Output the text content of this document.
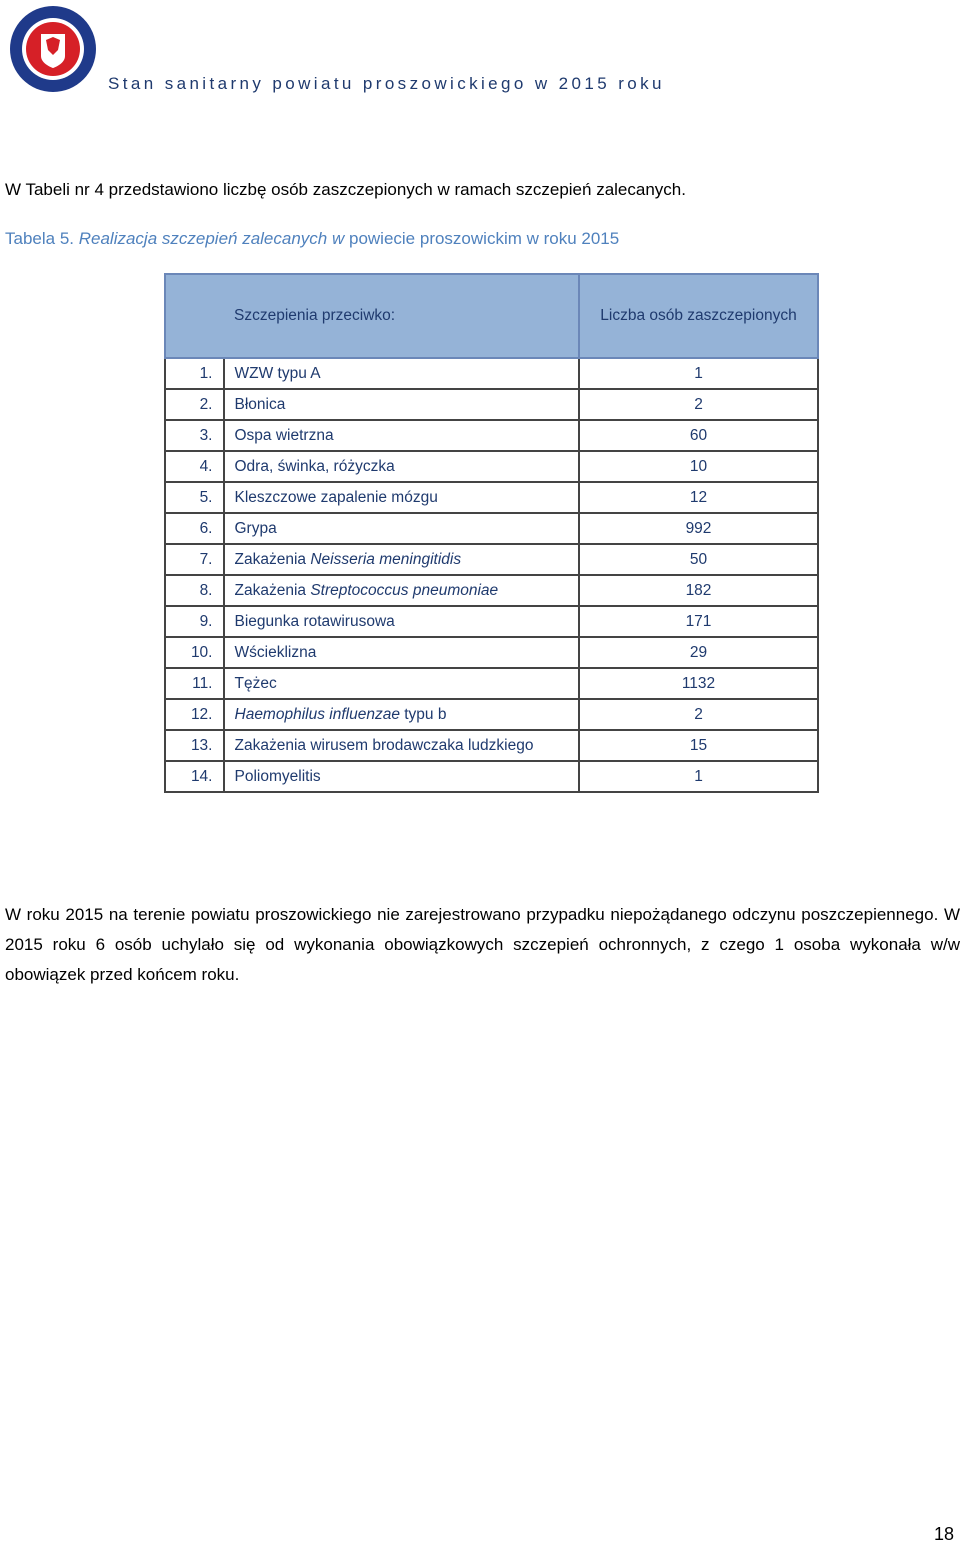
Stan sanitarny powiatu proszowickiego w 2015 roku
W Tabeli nr 4 przedstawiono liczbę osób zaszczepionych w ramach szczepień zalecanych.
Tabela 5. Realizacja szczepień zalecanych w powiecie proszowickim w roku 2015
	Szczepienia przeciwko:	Liczba osób zaszczepionych
1.	WZW typu A	1
2.	Błonica	2
3.	Ospa wietrzna	60
4.	Odra, świnka, różyczka	10
5.	Kleszczowe zapalenie mózgu	12
6.	Grypa	992
7.	Zakażenia Neisseria meningitidis	50
8.	Zakażenia Streptococcus pneumoniae	182
9.	Biegunka rotawirusowa	171
10.	Wścieklizna	29
11.	Tężec	1132
12.	Haemophilus influenzae typu b	2
13.	Zakażenia wirusem brodawczaka ludzkiego	15
14.	Poliomyelitis	1
W roku 2015 na terenie powiatu proszowickiego nie zarejestrowano przypadku niepożądanego odczynu poszczepiennego. W 2015 roku 6 osób uchylało się od wykonania obowiązkowych szczepień ochronnych, z czego 1 osoba wykonała w/w obowiązek przed końcem roku.
18
